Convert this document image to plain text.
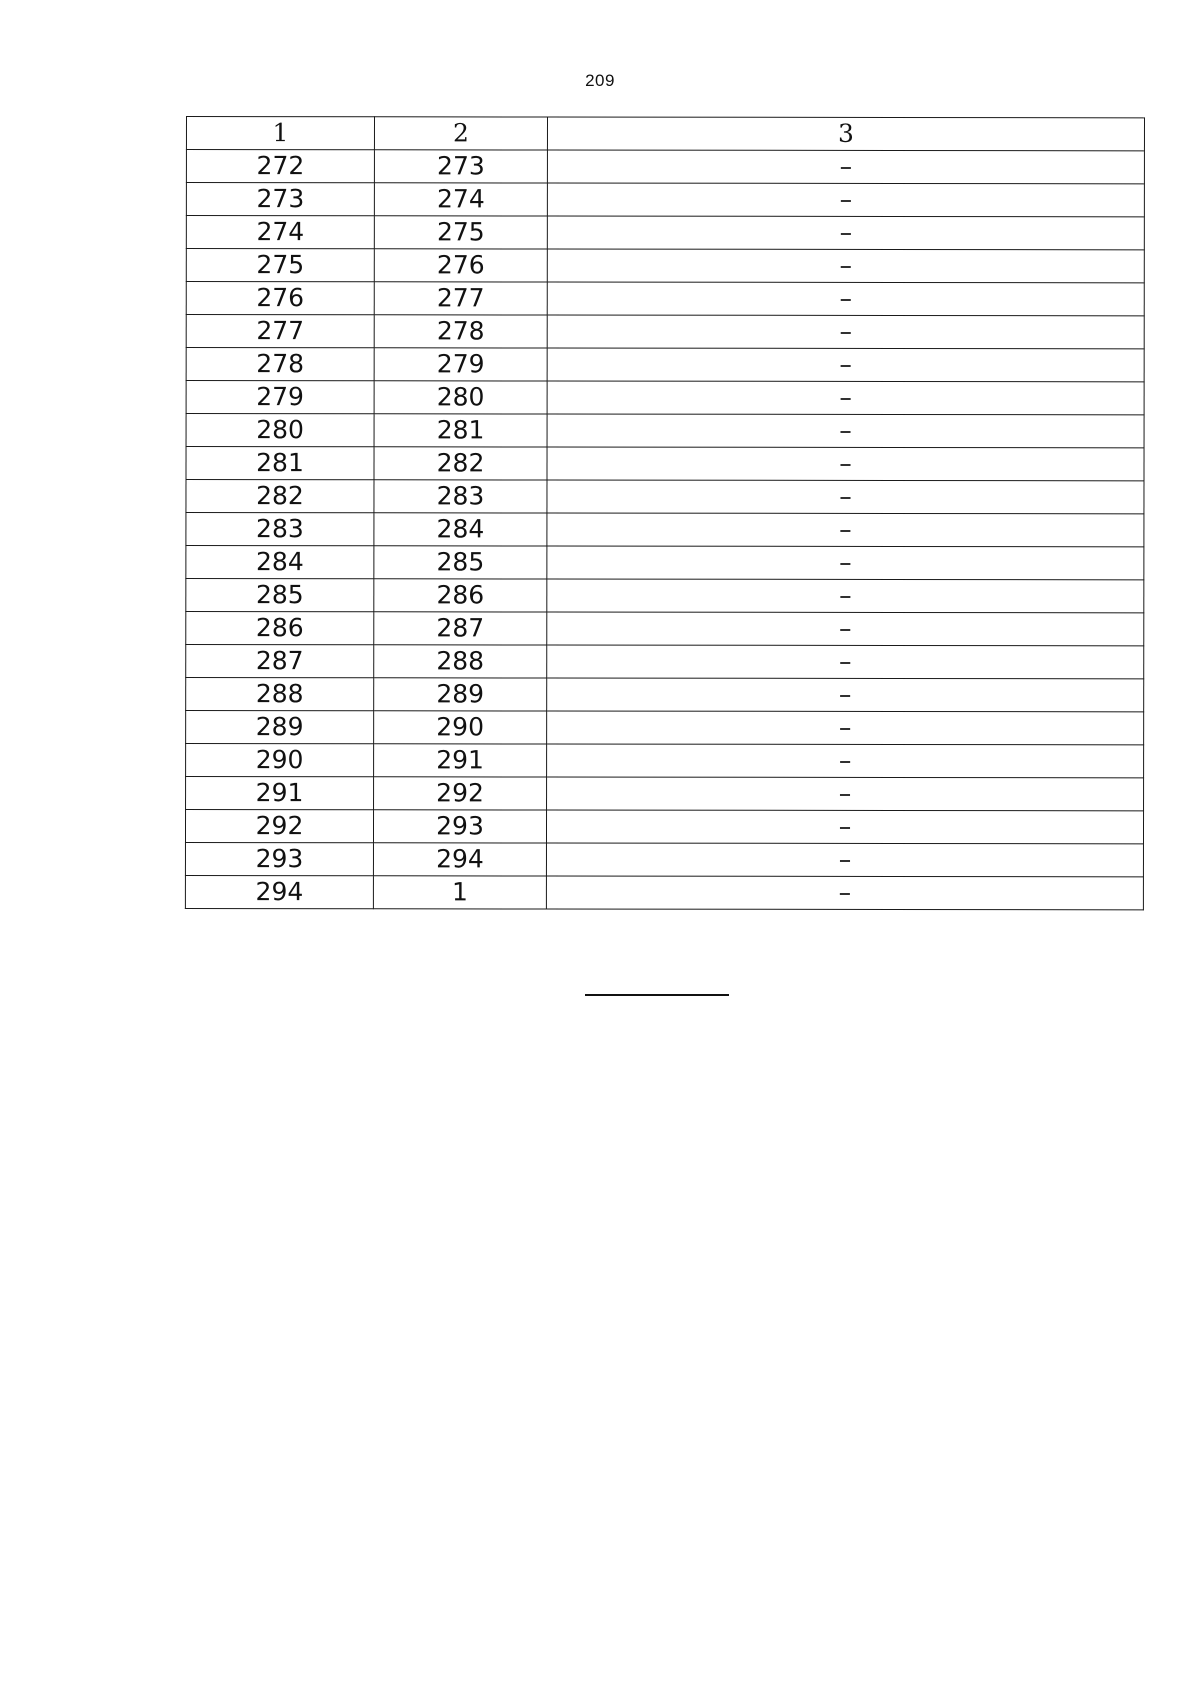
209
1	2	3
272	273	–
273	274	–
274	275	–
275	276	–
276	277	–
277	278	–
278	279	–
279	280	–
280	281	–
281	282	–
282	283	–
283	284	–
284	285	–
285	286	–
286	287	–
287	288	–
288	289	–
289	290	–
290	291	–
291	292	–
292	293	–
293	294	–
294	1	–
